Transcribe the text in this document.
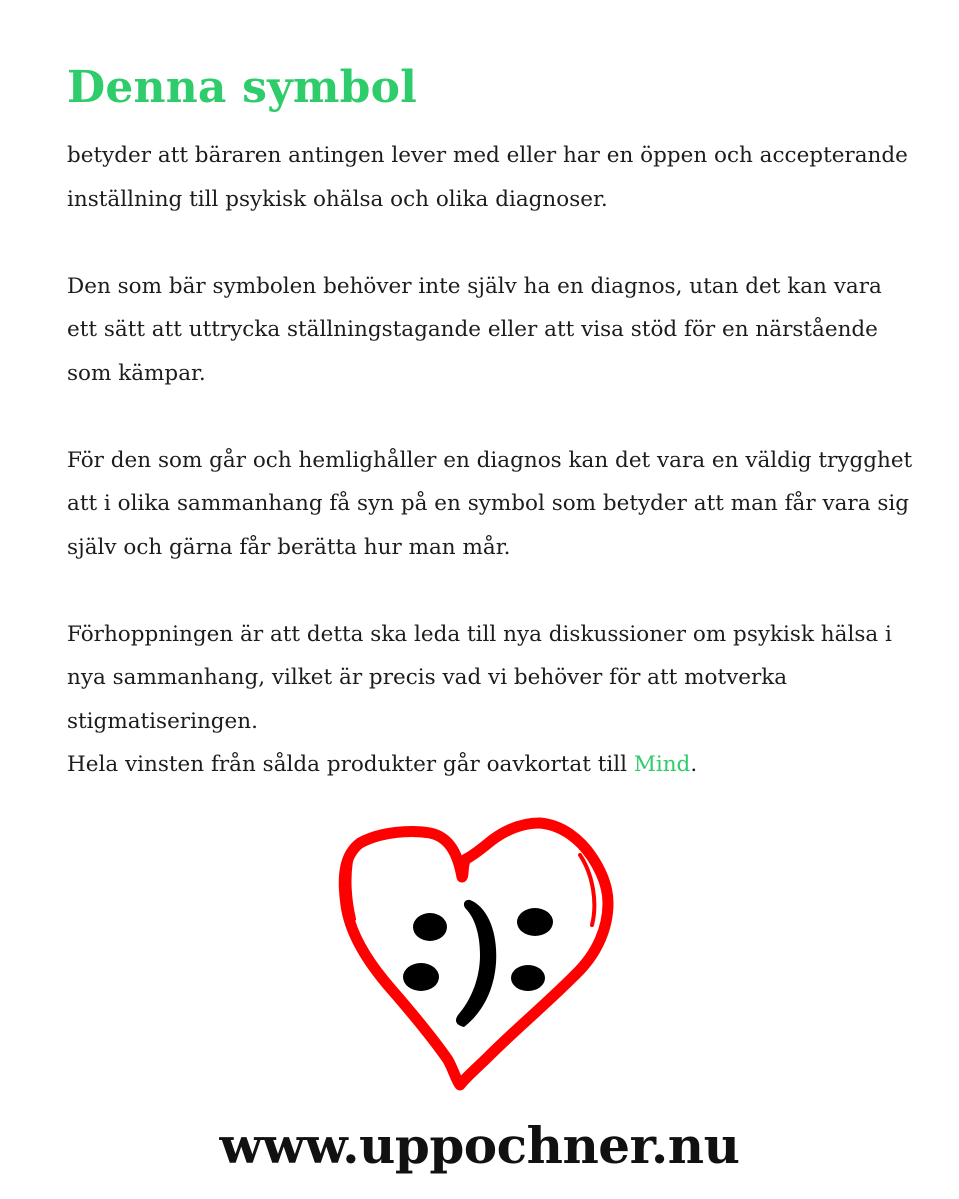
Denna symbol

betyder att bäraren antingen lever med eller har en öppen och accepterande inställning till psykisk ohälsa och olika diagnoser.

Den som bär symbolen behöver inte själv ha en diagnos, utan det kan vara ett sätt att uttrycka ställningstagande eller att visa stöd för en närstående som kämpar.

För den som går och hemlighåller en diagnos kan det vara en väldig trygghet att i olika sammanhang få syn på en symbol som betyder att man får vara sig själv och gärna får berätta hur man mår.

Förhoppningen är att detta ska leda till nya diskussioner om psykisk hälsa i nya sammanhang, vilket är precis vad vi behöver för att motverka stigmatiseringen.

Hela vinsten från sålda produkter går oavkortat till Mind.

www.uppochner.nu
